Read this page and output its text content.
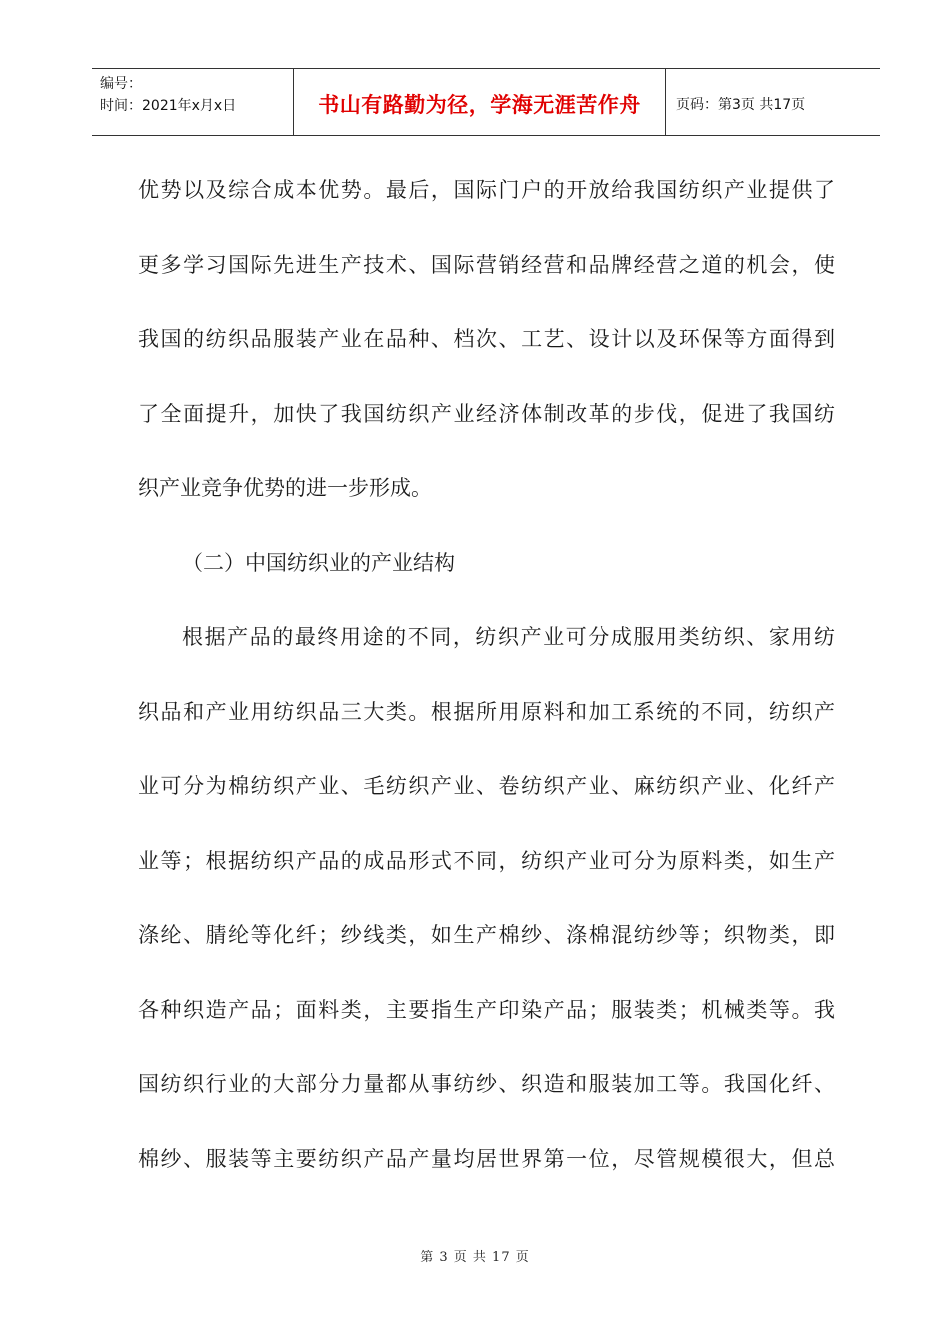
编号：
时间：2021年x月x日	书山有路勤为径，学海无涯苦作舟	页码：第3页 共17页
优势以及综合成本优势。最后，国际门户的开放给我国纺织产业提供了
更多学习国际先进生产技术、国际营销经营和品牌经营之道的机会，使
我国的纺织品服装产业在品种、档次、工艺、设计以及环保等方面得到
了全面提升，加快了我国纺织产业经济体制改革的步伐，促进了我国纺
织产业竞争优势的进一步形成。
（二）中国纺织业的产业结构
根据产品的最终用途的不同，纺织产业可分成服用类纺织、家用纺
织品和产业用纺织品三大类。根据所用原料和加工系统的不同，纺织产
业可分为棉纺织产业、毛纺织产业、卷纺织产业、麻纺织产业、化纤产
业等；根据纺织产品的成品形式不同，纺织产业可分为原料类，如生产
涤纶、腈纶等化纤；纱线类，如生产棉纱、涤棉混纺纱等；织物类，即
各种织造产品；面料类，主要指生产印染产品；服装类；机械类等。我
国纺织行业的大部分力量都从事纺纱、织造和服装加工等。我国化纤、
棉纱、服装等主要纺织产品产量均居世界第一位，尽管规模很大，但总
第 3 页 共 17 页
